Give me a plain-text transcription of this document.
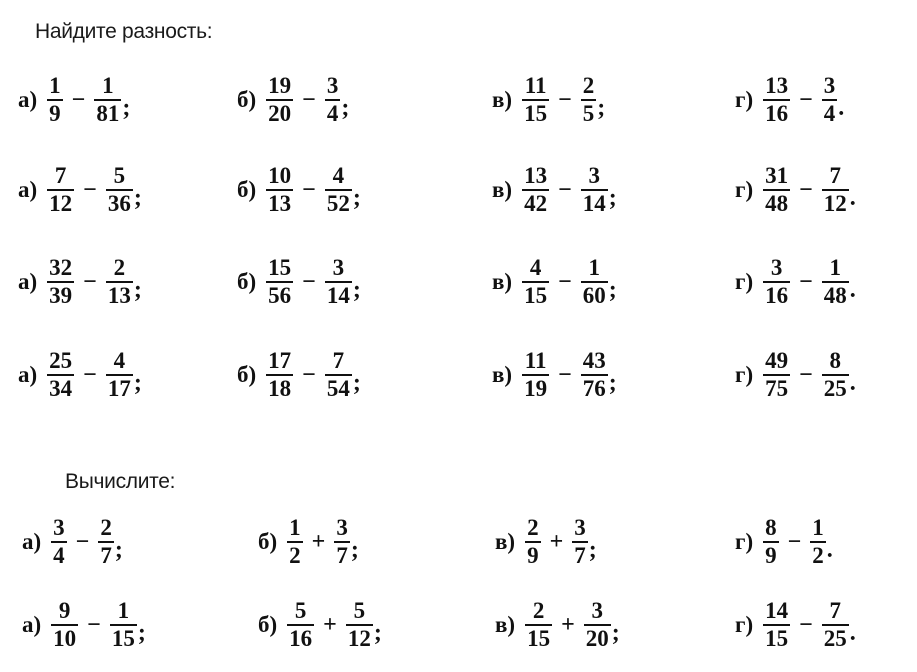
Найдите разность:
$а) \frac{1}{9} - \frac{1}{81}$ ;	$б) \frac{19}{20} - \frac{3}{4}$ ;	$в) \frac{11}{15} - \frac{2}{5}$ ;	$г) \frac{13}{16} - \frac{3}{4}$ .
$а) \frac{7}{12} - \frac{5}{36}$ ;	$б) \frac{10}{13} - \frac{4}{52}$ ;	$в) \frac{13}{42} - \frac{3}{14}$ ;	$г) \frac{31}{48} - \frac{7}{12}$ .
$а) \frac{32}{39} - \frac{2}{13}$ ;	$б) \frac{15}{56} - \frac{3}{14}$ ;	$в) \frac{4}{15} - \frac{1}{60}$ ;	$г) \frac{3}{16} - \frac{1}{48}$ .
$а) \frac{25}{34} - \frac{4}{17}$ ;	$б) \frac{17}{18} - \frac{7}{54}$ ;	$в) \frac{11}{19} - \frac{43}{76}$ ;	$г) \frac{49}{75} - \frac{8}{25}$ .
Вычислите:
$а) \frac{3}{4} - \frac{2}{7}$ ;	$б) \frac{1}{2} + \frac{3}{7}$ ;	$в) \frac{2}{9} + \frac{3}{7}$ ;	$г) \frac{8}{9} - \frac{1}{2}$ .
$а) \frac{9}{10} - \frac{1}{15}$ ;	$б) \frac{5}{16} + \frac{5}{12}$ ;	$в) \frac{2}{15} + \frac{3}{20}$ ;	$г) \frac{14}{15} - \frac{7}{25}$ .
